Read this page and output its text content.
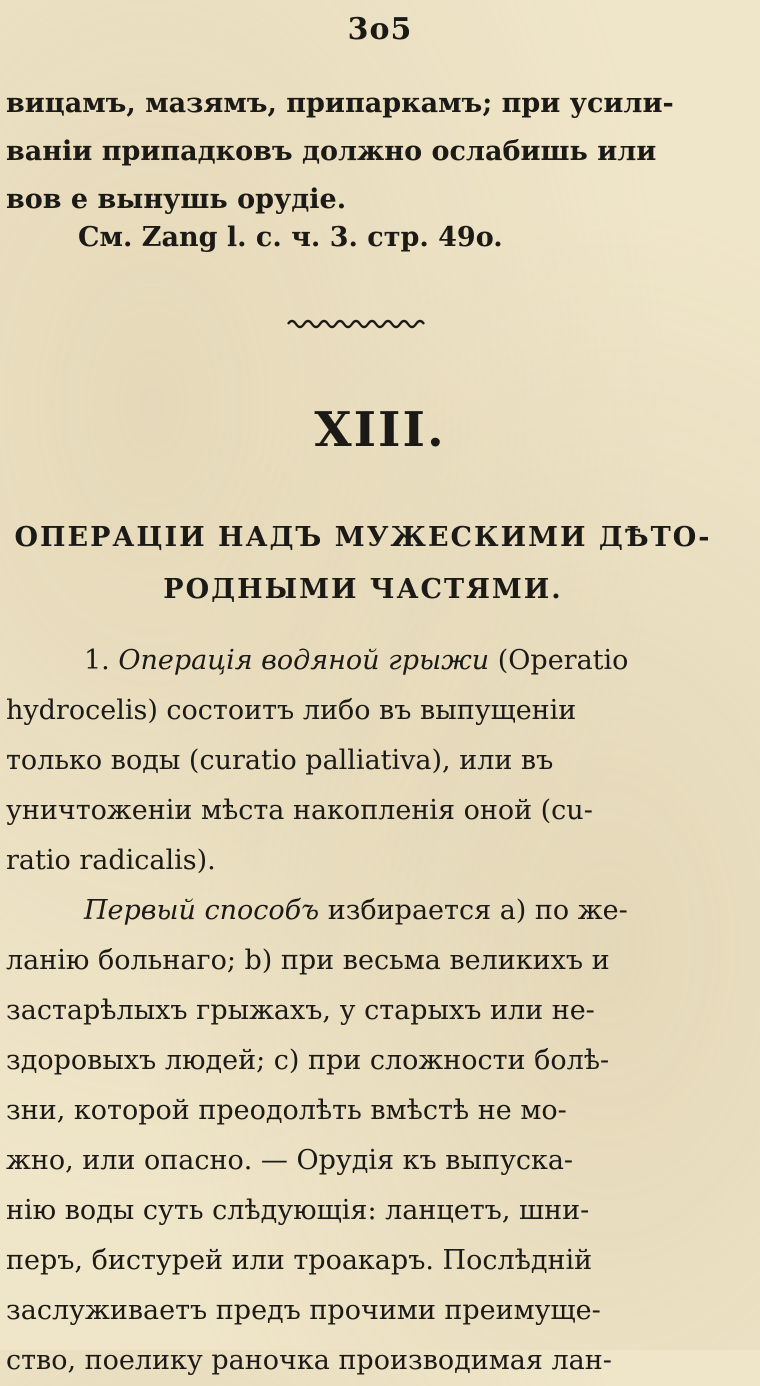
3o5
вицамъ, мазямъ, припаркамъ; при усили-
ваніи припадковъ должно ослабишь или
вов е вынушь орудіе.
См. Zang l. с. ч. 3. стр. 49o.
XIII.
ОПЕРАЦІИ НАДЪ МУЖЕСКИМИ ДѢТО-
РОДНЫМИ ЧАСТЯМИ.
1. Операція водяной грыжи (Operatio
hydrocelis) состоитъ либо въ выпущеніи
только воды (curatio palliativa), или въ
уничтоженіи мѣста накопленія оной (cu-
ratio radicalis).
Первый способъ избирается а) по же-
ланію больнаго; b) при весьма великихъ и
застарѣлыхъ грыжахъ, у старыхъ или не-
здоровыхъ людей; с) при сложности болѣ-
зни, которой преодолѣть вмѣстѣ не мо-
жно, или опасно. — Орудія къ выпуска-
нію воды суть слѣдующія: ланцетъ, шни-
перъ, бистурей или троакаръ. Послѣдній
заслуживаетъ предъ прочими преимуще-
ство, поелику раночка производимая лан-
